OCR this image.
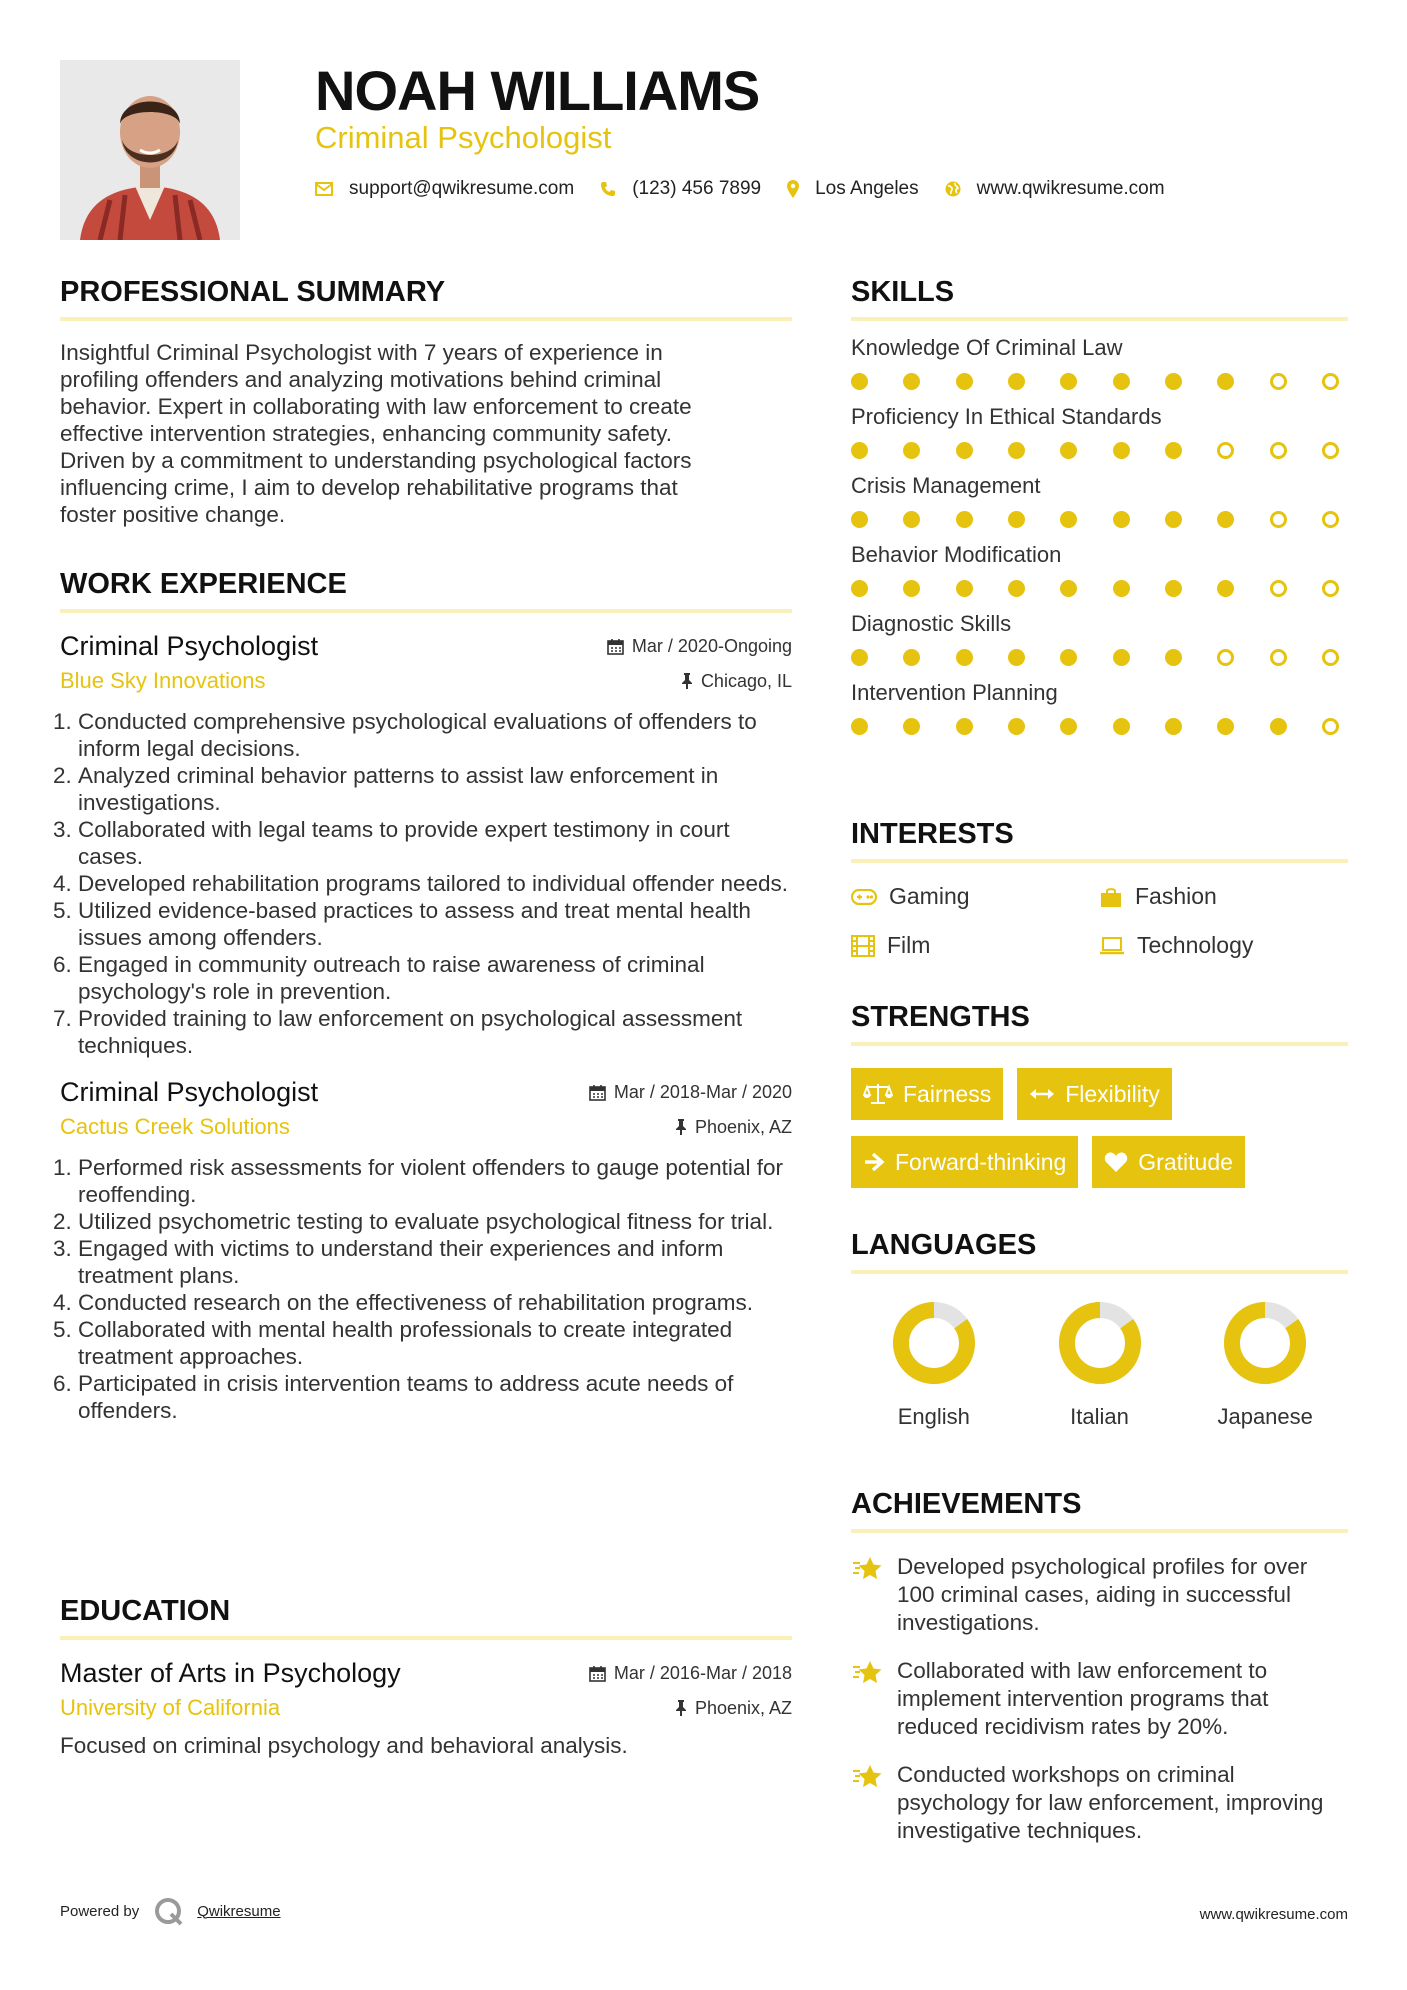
NOAH WILLIAMS
Criminal Psychologist
support@qwikresume.com	(123) 456 7899	Los Angeles	www.qwikresume.com
PROFESSIONAL SUMMARY
Insightful Criminal Psychologist with 7 years of experience in
profiling offenders and analyzing motivations behind criminal
behavior. Expert in collaborating with law enforcement to create
effective intervention strategies, enhancing community safety.
Driven by a commitment to understanding psychological factors
influencing crime, I aim to develop rehabilitative programs that
foster positive change.
WORK EXPERIENCE
Criminal Psychologist	Mar / 2020-Ongoing
Blue Sky Innovations	Chicago, IL
1. Conducted comprehensive psychological evaluations of offenders to inform legal decisions.
2. Analyzed criminal behavior patterns to assist law enforcement in investigations.
3. Collaborated with legal teams to provide expert testimony in court cases.
4. Developed rehabilitation programs tailored to individual offender needs.
5. Utilized evidence-based practices to assess and treat mental health issues among offenders.
6. Engaged in community outreach to raise awareness of criminal psychology's role in prevention.
7. Provided training to law enforcement on psychological assessment techniques.
Criminal Psychologist	Mar / 2018-Mar / 2020
Cactus Creek Solutions	Phoenix, AZ
1. Performed risk assessments for violent offenders to gauge potential for reoffending.
2. Utilized psychometric testing to evaluate psychological fitness for trial.
3. Engaged with victims to understand their experiences and inform treatment plans.
4. Conducted research on the effectiveness of rehabilitation programs.
5. Collaborated with mental health professionals to create integrated treatment approaches.
6. Participated in crisis intervention teams to address acute needs of offenders.
EDUCATION
Master of Arts in Psychology	Mar / 2016-Mar / 2018
University of California	Phoenix, AZ
Focused on criminal psychology and behavioral analysis.
SKILLS
Knowledge Of Criminal Law
Proficiency In Ethical Standards
Crisis Management
Behavior Modification
Diagnostic Skills
Intervention Planning
INTERESTS
Gaming	Fashion
Film	Technology
STRENGTHS
Fairness	Flexibility
Forward-thinking	Gratitude
LANGUAGES
English	Italian	Japanese
ACHIEVEMENTS
Developed psychological profiles for over 100 criminal cases, aiding in successful investigations.
Collaborated with law enforcement to implement intervention programs that reduced recidivism rates by 20%.
Conducted workshops on criminal psychology for law enforcement, improving investigative techniques.
Powered by	Qwikresume	www.qwikresume.com
